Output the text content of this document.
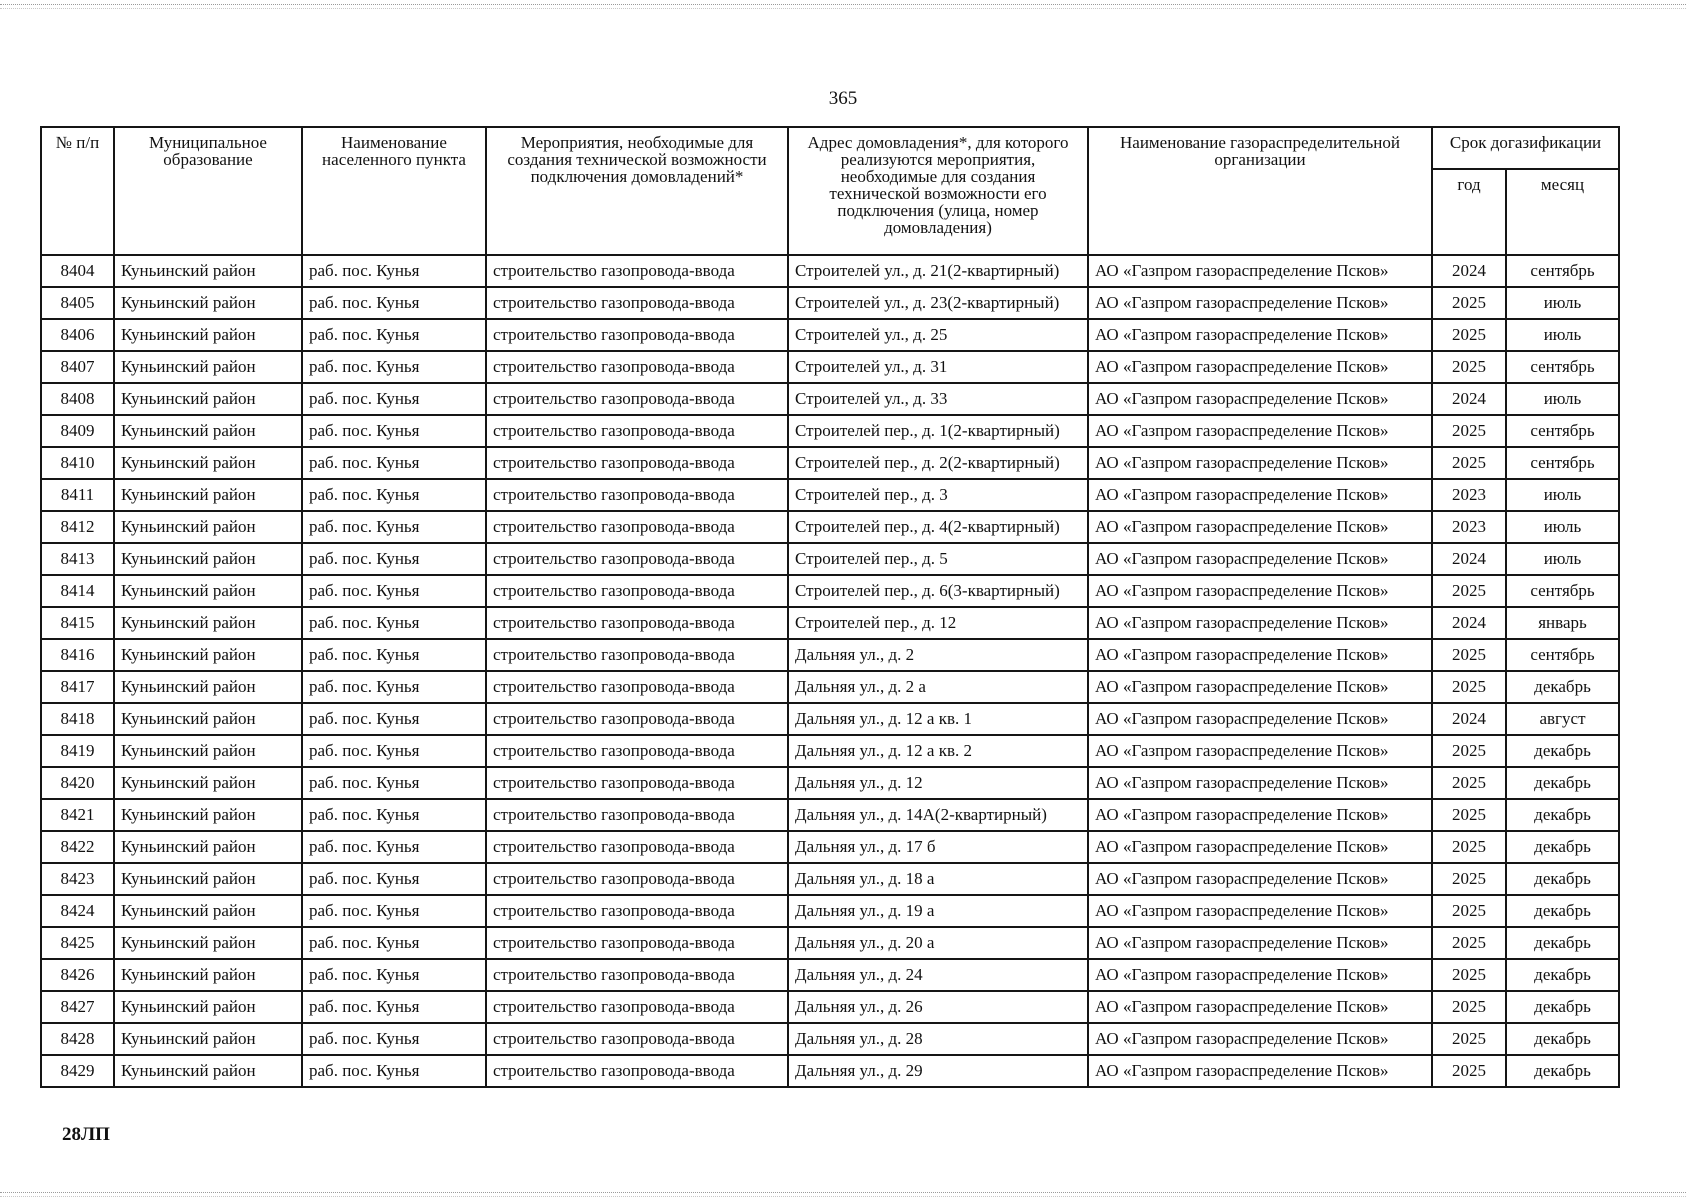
365
№ п/п	Муниципальное образование	Наименование населенного пункта	Мероприятия, необходимые для создания технической возможности подключения домовладений*	Адрес домовладения*, для которого реализуются мероприятия, необходимые для создания технической возможности его подключения (улица, номер домовладения)	Наименование газораспределительной организации	Срок догазификации	
						год	месяц
8404	Куньинский район	раб. пос. Кунья	строительство газопровода-ввода	Строителей ул., д. 21(2-квартирный)	АО «Газпром газораспределение Псков»	2024	сентябрь
8405	Куньинский район	раб. пос. Кунья	строительство газопровода-ввода	Строителей ул., д. 23(2-квартирный)	АО «Газпром газораспределение Псков»	2025	июль
8406	Куньинский район	раб. пос. Кунья	строительство газопровода-ввода	Строителей ул., д. 25	АО «Газпром газораспределение Псков»	2025	июль
8407	Куньинский район	раб. пос. Кунья	строительство газопровода-ввода	Строителей ул., д. 31	АО «Газпром газораспределение Псков»	2025	сентябрь
8408	Куньинский район	раб. пос. Кунья	строительство газопровода-ввода	Строителей ул., д. 33	АО «Газпром газораспределение Псков»	2024	июль
8409	Куньинский район	раб. пос. Кунья	строительство газопровода-ввода	Строителей пер., д. 1(2-квартирный)	АО «Газпром газораспределение Псков»	2025	сентябрь
8410	Куньинский район	раб. пос. Кунья	строительство газопровода-ввода	Строителей пер., д. 2(2-квартирный)	АО «Газпром газораспределение Псков»	2025	сентябрь
8411	Куньинский район	раб. пос. Кунья	строительство газопровода-ввода	Строителей пер., д. 3	АО «Газпром газораспределение Псков»	2023	июль
8412	Куньинский район	раб. пос. Кунья	строительство газопровода-ввода	Строителей пер., д. 4(2-квартирный)	АО «Газпром газораспределение Псков»	2023	июль
8413	Куньинский район	раб. пос. Кунья	строительство газопровода-ввода	Строителей пер., д. 5	АО «Газпром газораспределение Псков»	2024	июль
8414	Куньинский район	раб. пос. Кунья	строительство газопровода-ввода	Строителей пер., д. 6(3-квартирный)	АО «Газпром газораспределение Псков»	2025	сентябрь
8415	Куньинский район	раб. пос. Кунья	строительство газопровода-ввода	Строителей пер., д. 12	АО «Газпром газораспределение Псков»	2024	январь
8416	Куньинский район	раб. пос. Кунья	строительство газопровода-ввода	Дальняя ул., д. 2	АО «Газпром газораспределение Псков»	2025	сентябрь
8417	Куньинский район	раб. пос. Кунья	строительство газопровода-ввода	Дальняя ул., д. 2 а	АО «Газпром газораспределение Псков»	2025	декабрь
8418	Куньинский район	раб. пос. Кунья	строительство газопровода-ввода	Дальняя ул., д. 12 а кв. 1	АО «Газпром газораспределение Псков»	2024	август
8419	Куньинский район	раб. пос. Кунья	строительство газопровода-ввода	Дальняя ул., д. 12 а кв. 2	АО «Газпром газораспределение Псков»	2025	декабрь
8420	Куньинский район	раб. пос. Кунья	строительство газопровода-ввода	Дальняя ул., д. 12	АО «Газпром газораспределение Псков»	2025	декабрь
8421	Куньинский район	раб. пос. Кунья	строительство газопровода-ввода	Дальняя ул., д. 14А(2-квартирный)	АО «Газпром газораспределение Псков»	2025	декабрь
8422	Куньинский район	раб. пос. Кунья	строительство газопровода-ввода	Дальняя ул., д. 17 б	АО «Газпром газораспределение Псков»	2025	декабрь
8423	Куньинский район	раб. пос. Кунья	строительство газопровода-ввода	Дальняя ул., д. 18 а	АО «Газпром газораспределение Псков»	2025	декабрь
8424	Куньинский район	раб. пос. Кунья	строительство газопровода-ввода	Дальняя ул., д. 19 а	АО «Газпром газораспределение Псков»	2025	декабрь
8425	Куньинский район	раб. пос. Кунья	строительство газопровода-ввода	Дальняя ул., д. 20 а	АО «Газпром газораспределение Псков»	2025	декабрь
8426	Куньинский район	раб. пос. Кунья	строительство газопровода-ввода	Дальняя ул., д. 24	АО «Газпром газораспределение Псков»	2025	декабрь
8427	Куньинский район	раб. пос. Кунья	строительство газопровода-ввода	Дальняя ул., д. 26	АО «Газпром газораспределение Псков»	2025	декабрь
8428	Куньинский район	раб. пос. Кунья	строительство газопровода-ввода	Дальняя ул., д. 28	АО «Газпром газораспределение Псков»	2025	декабрь
8429	Куньинский район	раб. пос. Кунья	строительство газопровода-ввода	Дальняя ул., д. 29	АО «Газпром газораспределение Псков»	2025	декабрь
28ЛП
